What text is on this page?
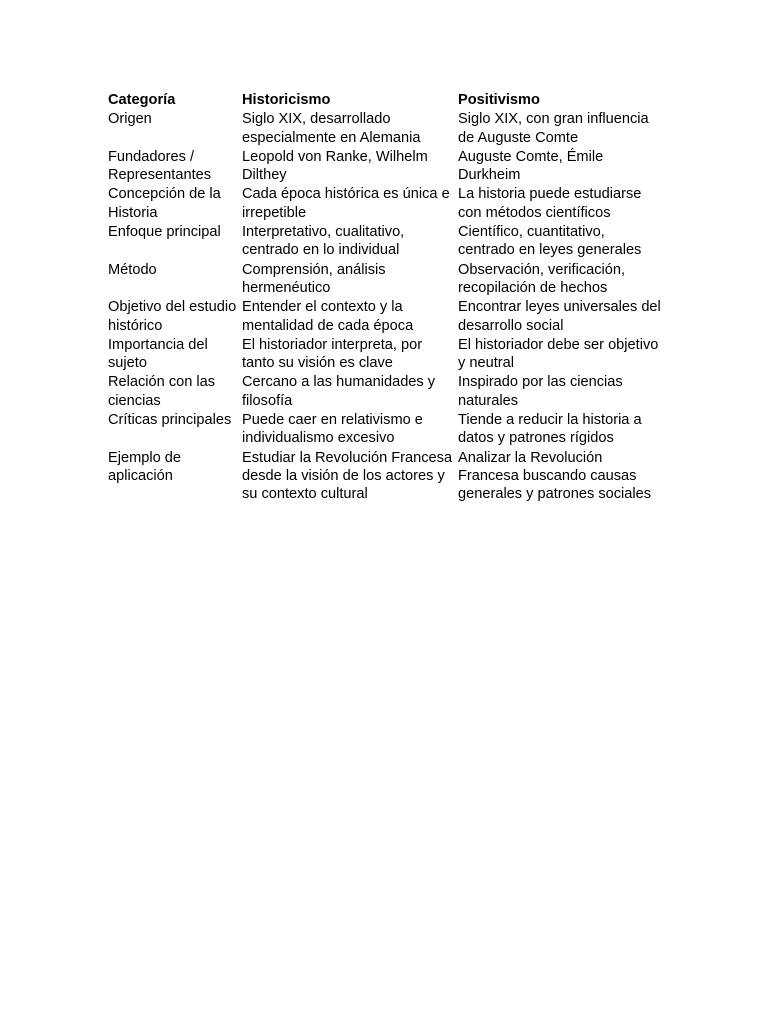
Categoría	Historicismo	Positivismo
Origen	Siglo XIX, desarrollado especialmente en Alemania	Siglo XIX, con gran influencia de Auguste Comte
Fundadores / Representantes	Leopold von Ranke, Wilhelm Dilthey	Auguste Comte, Émile Durkheim
Concepción de la Historia	Cada época histórica es única e irrepetible	La historia puede estudiarse con métodos científicos
Enfoque principal	Interpretativo, cualitativo, centrado en lo individual	Científico, cuantitativo, centrado en leyes generales
Método	Comprensión, análisis hermenéutico	Observación, verificación, recopilación de hechos
Objetivo del estudio histórico	Entender el contexto y la mentalidad de cada época	Encontrar leyes universales del desarrollo social
Importancia del sujeto	El historiador interpreta, por tanto su visión es clave	El historiador debe ser objetivo y neutral
Relación con las ciencias	Cercano a las humanidades y filosofía	Inspirado por las ciencias naturales
Críticas principales	Puede caer en relativismo e individualismo excesivo	Tiende a reducir la historia a datos y patrones rígidos
Ejemplo de aplicación	Estudiar la Revolución Francesa desde la visión de los actores y su contexto cultural	Analizar la Revolución Francesa buscando causas generales y patrones sociales
